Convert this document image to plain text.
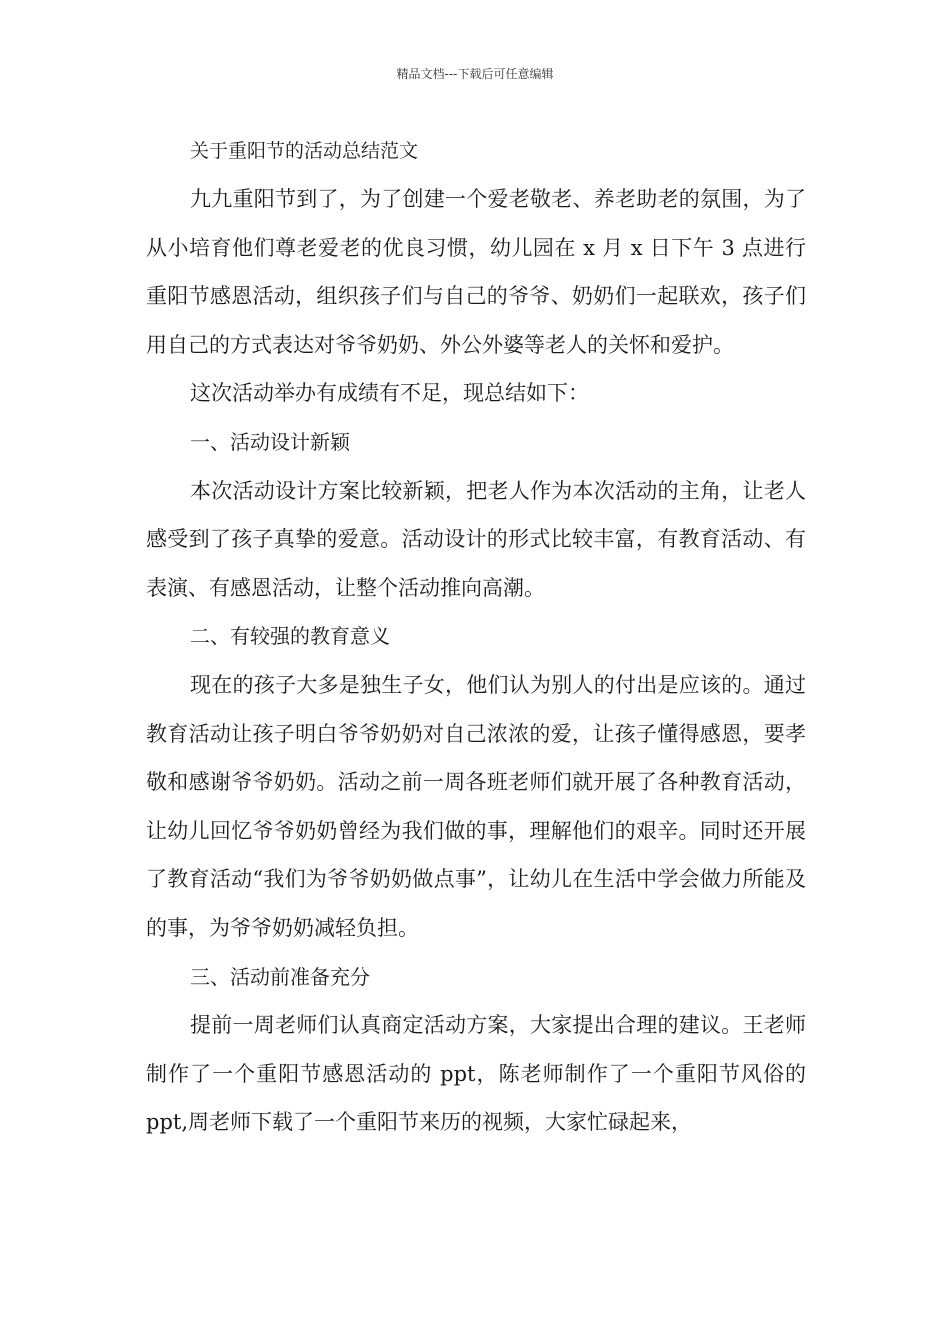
精品文档---下载后可任意编辑
关于重阳节的活动总结范文

九九重阳节到了，为了创建一个爱老敬老、养老助老的氛围，为了从小培育他们尊老爱老的优良习惯，幼儿园在 x 月 x 日下午 3 点进行重阳节感恩活动，组织孩子们与自己的爷爷、奶奶们一起联欢，孩子们用自己的方式表达对爷爷奶奶、外公外婆等老人的关怀和爱护。

这次活动举办有成绩有不足，现总结如下：

一、活动设计新颖

本次活动设计方案比较新颖，把老人作为本次活动的主角，让老人感受到了孩子真挚的爱意。活动设计的形式比较丰富，有教育活动、有表演、有感恩活动，让整个活动推向高潮。

二、有较强的教育意义

现在的孩子大多是独生子女，他们认为别人的付出是应该的。通过教育活动让孩子明白爷爷奶奶对自己浓浓的爱，让孩子懂得感恩，要孝敬和感谢爷爷奶奶。活动之前一周各班老师们就开展了各种教育活动，让幼儿回忆爷爷奶奶曾经为我们做的事，理解他们的艰辛。同时还开展了教育活动“我们为爷爷奶奶做点事”，让幼儿在生活中学会做力所能及的事，为爷爷奶奶减轻负担。

三、活动前准备充分

提前一周老师们认真商定活动方案，大家提出合理的建议。王老师制作了一个重阳节感恩活动的 ppt，陈老师制作了一个重阳节风俗的 ppt,周老师下载了一个重阳节来历的视频，大家忙碌起来，
